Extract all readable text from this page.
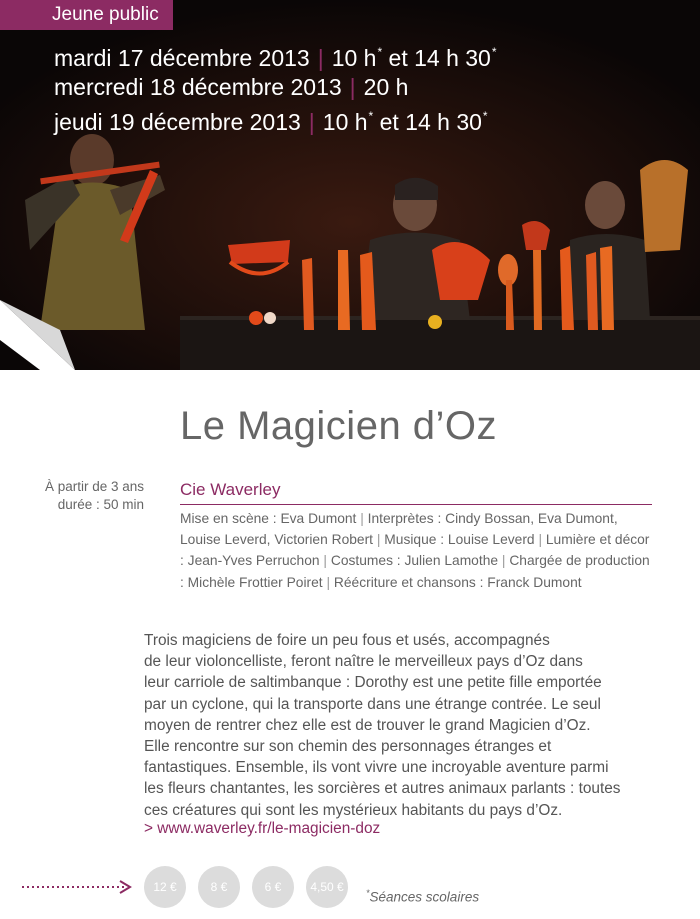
Jeune public
mardi 17 décembre 2013 | 10 h* et 14 h 30*
mercredi 18 décembre 2013 | 20 h
jeudi 19 décembre 2013 | 10 h* et 14 h 30*
Le Magicien d’Oz
À partir de 3 ans
durée : 50 min
Cie Waverley
Mise en scène : Eva Dumont | Interprètes : Cindy Bossan, Eva Dumont, Louise Leverd, Victorien Robert | Musique : Louise Leverd | Lumière et décor : Jean-Yves Perruchon | Costumes : Julien Lamothe | Chargée de production : Michèle Frottier Poiret | Réécriture et chansons : Franck Dumont
Trois magiciens de foire un peu fous et usés, accompagnés
de leur violoncelliste, feront naître le merveilleux pays d’Oz dans
leur carriole de saltimbanque : Dorothy est une petite fille emportée
par un cyclone, qui la transporte dans une étrange contrée. Le seul
moyen de rentrer chez elle est de trouver le grand Magicien d’Oz.
Elle rencontre sur son chemin des personnages étranges et
fantastiques. Ensemble, ils vont vivre une incroyable aventure parmi
les fleurs chantantes, les sorcières et autres animaux parlants : toutes
ces créatures qui sont les mystérieux habitants du pays d’Oz.
> www.waverley.fr/le-magicien-doz
12 €	8 €	6 €	4,50 €	*Séances scolaires
